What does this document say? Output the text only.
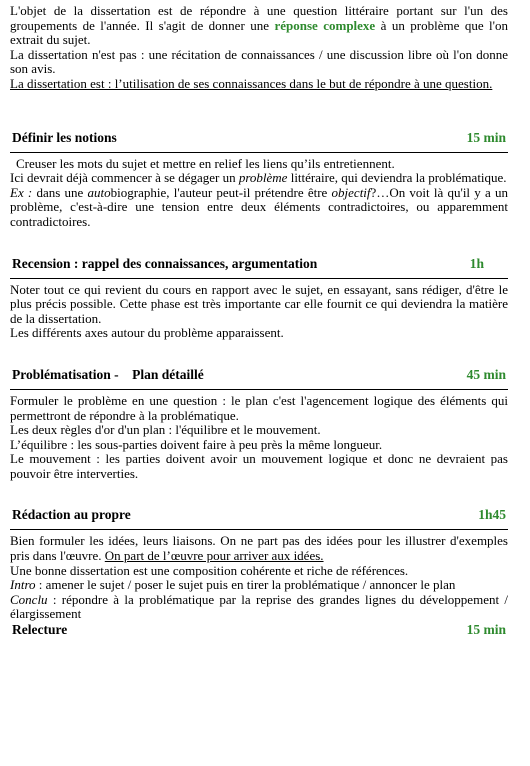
L'objet de la dissertation est de répondre à une question littéraire portant sur l'un des groupements de l'année. Il s'agit de donner une réponse complexe à un problème que l'on extrait du sujet.

La dissertation n'est pas : une récitation de connaissances / une discussion libre où l'on donne son avis.

La dissertation est : l’utilisation de ses connaissances dans le but de répondre à une question.

Définir les notions	15 min

Creuser les mots du sujet et mettre en relief les liens qu’ils entretiennent.

Ici devrait déjà commencer à se dégager un problème littéraire, qui deviendra la problématique.

Ex : dans une autobiographie, l'auteur peut-il prétendre être objectif?…On voit là qu'il y a un problème, c'est-à-dire une tension entre deux éléments contradictoires, ou apparemment contradictoires.

Recension : rappel des connaissances, argumentation	1h

Noter tout ce qui revient du cours en rapport avec le sujet, en essayant, sans rédiger, d'être le plus précis possible. Cette phase est très importante car elle fournit ce qui deviendra la matière de la dissertation.

Les différents axes autour du problème apparaissent.

Problématisation -    Plan détaillé	45 min

Formuler le problème en une question : le plan c'est l'agencement logique des éléments qui permettront de répondre à la problématique.

Les deux règles d'or d'un plan : l'équilibre et le mouvement.

L’équilibre : les sous-parties doivent faire à peu près la même longueur.

Le mouvement : les parties doivent avoir un mouvement logique et donc ne devraient pas pouvoir être interverties.

Rédaction au propre	1h45

Bien formuler les idées, leurs liaisons. On ne part pas des idées pour les illustrer d'exemples pris dans l'œuvre. On part de l’œuvre pour arriver aux idées.

Une bonne dissertation est une composition cohérente et riche de références.

Intro : amener le sujet / poser le sujet puis en tirer la problématique / annoncer le plan

Conclu : répondre à la problématique par la reprise des grandes lignes du développement / élargissement

Relecture	15 min
